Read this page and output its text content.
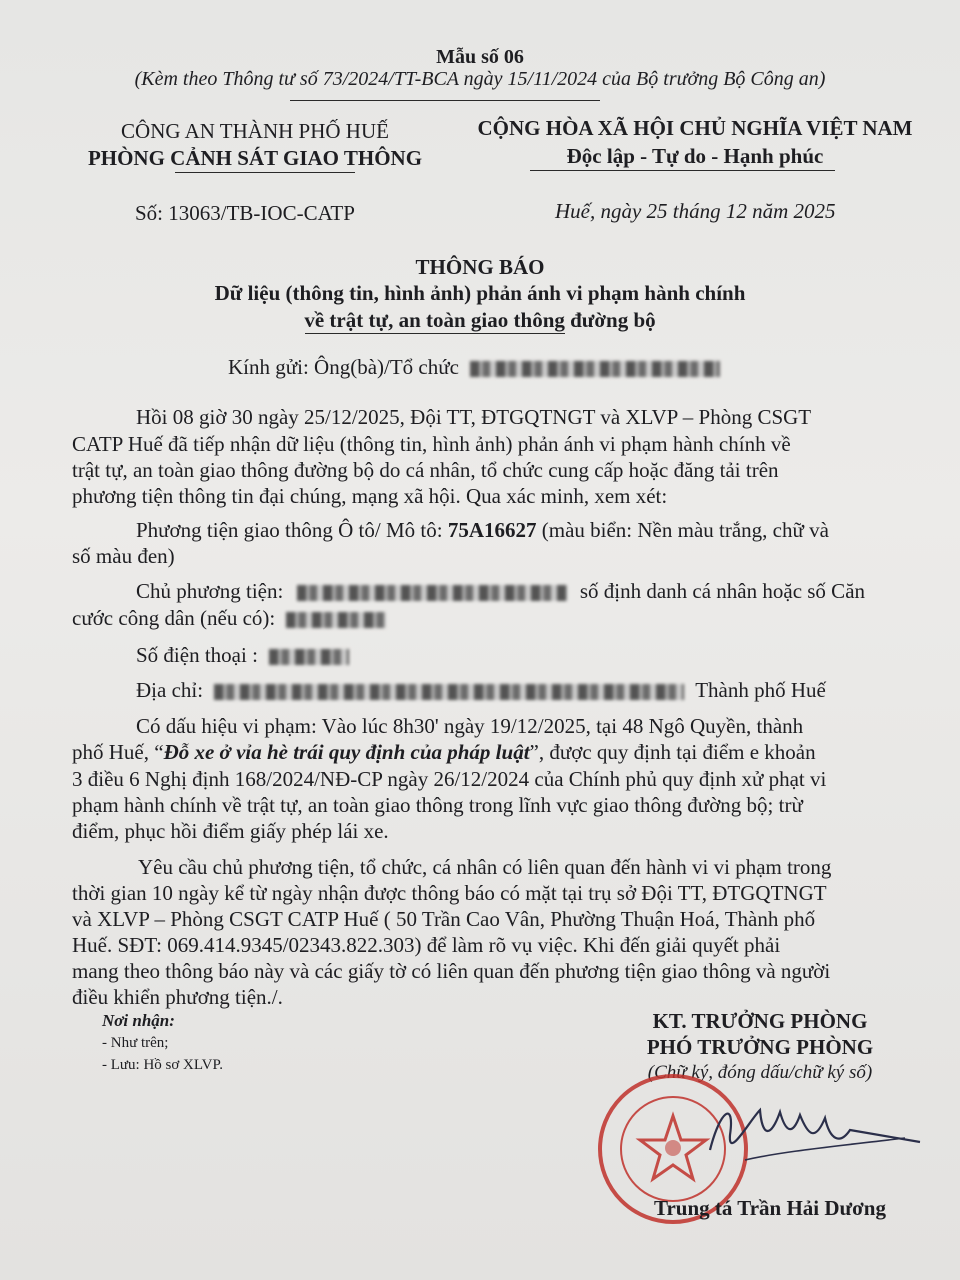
Mẫu số 06
(Kèm theo Thông tư số 73/2024/TT-BCA ngày 15/11/2024 của Bộ trưởng Bộ Công an)
CÔNG AN THÀNH PHỐ HUẾ
PHÒNG CẢNH SÁT GIAO THÔNG
CỘNG HÒA XÃ HỘI CHỦ NGHĨA VIỆT NAM
Độc lập - Tự do - Hạnh phúc
Số: 13063/TB-IOC-CATP	Huế, ngày 25 tháng 12 năm 2025
THÔNG BÁO
Dữ liệu (thông tin, hình ảnh) phản ánh vi phạm hành chính
về trật tự, an toàn giao thông đường bộ
Kính gửi: Ông(bà)/Tổ chức
Hồi 08 giờ 30 ngày 25/12/2025, Đội TT, ĐTGQTNGT và XLVP – Phòng CSGT
CATP Huế đã tiếp nhận dữ liệu (thông tin, hình ảnh) phản ánh vi phạm hành chính về
trật tự, an toàn giao thông đường bộ do cá nhân, tổ chức cung cấp hoặc đăng tải trên
phương tiện thông tin đại chúng, mạng xã hội. Qua xác minh, xem xét:
Phương tiện giao thông Ô tô/ Mô tô: 75A16627 (màu biển: Nền màu trắng, chữ và
số màu đen)
Chủ phương tiện:	số định danh cá nhân hoặc số Căn
cước công dân (nếu có):
Số điện thoại :
Địa chỉ:	Thành phố Huế
Có dấu hiệu vi phạm: Vào lúc 8h30' ngày 19/12/2025, tại 48 Ngô Quyền, thành
phố Huế, “Đỗ xe ở vỉa hè trái quy định của pháp luật”, được quy định tại điểm e khoản
3 điều 6 Nghị định 168/2024/NĐ-CP ngày 26/12/2024 của Chính phủ quy định xử phạt vi
phạm hành chính về trật tự, an toàn giao thông trong lĩnh vực giao thông đường bộ; trừ
điểm, phục hồi điểm giấy phép lái xe.
Yêu cầu chủ phương tiện, tổ chức, cá nhân có liên quan đến hành vi vi phạm trong
thời gian 10 ngày kể từ ngày nhận được thông báo có mặt tại trụ sở Đội TT, ĐTGQTNGT
và XLVP – Phòng CSGT CATP Huế ( 50 Trần Cao Vân, Phường Thuận Hoá, Thành phố
Huế. SĐT: 069.414.9345/02343.822.303) để làm rõ vụ việc. Khi đến giải quyết phải
mang theo thông báo này và các giấy tờ có liên quan đến phương tiện giao thông và người
điều khiển phương tiện./.
Nơi nhận:
- Như trên;
- Lưu: Hồ sơ XLVP.
KT. TRƯỞNG PHÒNG
PHÓ TRƯỞNG PHÒNG
(Chữ ký, đóng dấu/chữ ký số)
Trung tá Trần Hải Dương
